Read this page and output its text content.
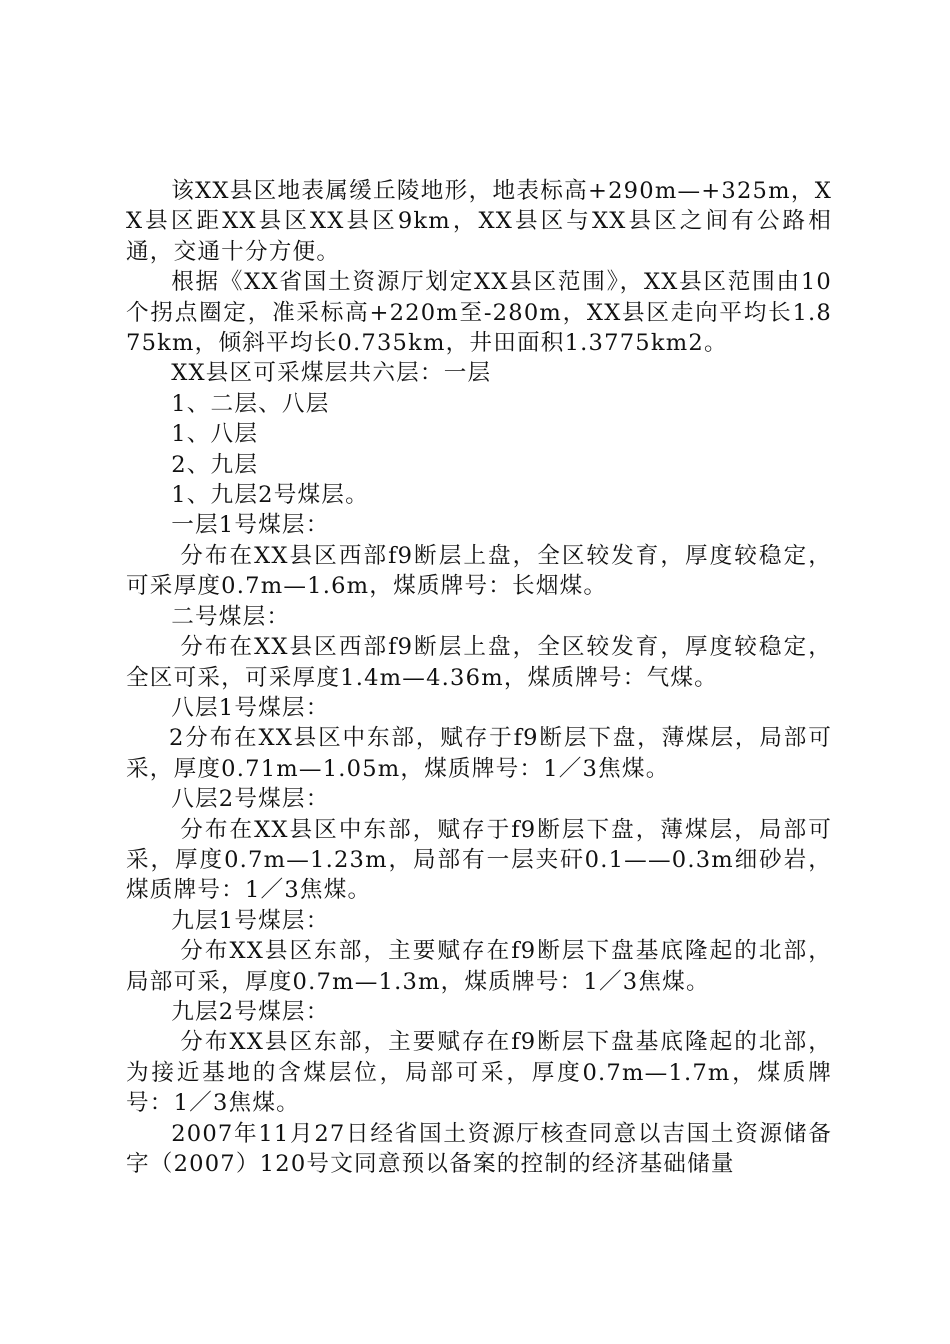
该XX县区地表属缓丘陵地形，地表标高+290m—+325m，XX县区距XX县区XX县区9km，XX县区与XX县区之间有公路相通，交通十分方便。

根据《XX省国土资源厅划定XX县区范围》，XX县区范围由10个拐点圈定，准采标高+220m至-280m，XX县区走向平均长1.875km，倾斜平均长0.735km，井田面积1.3775km2。

XX县区可采煤层共六层：一层

1、二层、八层

1、八层

2、九层

1、九层2号煤层。

一层1号煤层：

分布在XX县区西部f9断层上盘，全区较发育，厚度较稳定，可采厚度0.7m—1.6m，煤质牌号：长烟煤。

二号煤层：

分布在XX县区西部f9断层上盘，全区较发育，厚度较稳定，全区可采，可采厚度1.4m—4.36m，煤质牌号：气煤。

八层1号煤层：

2分布在XX县区中东部，赋存于f9断层下盘，薄煤层，局部可采，厚度0.71m—1.05m，煤质牌号：1／3焦煤。

八层2号煤层：

分布在XX县区中东部，赋存于f9断层下盘，薄煤层，局部可采，厚度0.7m—1.23m，局部有一层夹矸0.1——0.3m细砂岩，煤质牌号：1／3焦煤。

九层1号煤层：

分布XX县区东部，主要赋存在f9断层下盘基底隆起的北部，局部可采，厚度0.7m—1.3m，煤质牌号：1／3焦煤。

九层2号煤层：

分布XX县区东部，主要赋存在f9断层下盘基底隆起的北部，为接近基地的含煤层位，局部可采，厚度0.7m—1.7m，煤质牌号：1／3焦煤。

2007年11月27日经省国土资源厅核查同意以吉国土资源储备字（2007）120号文同意预以备案的控制的经济基础储量
